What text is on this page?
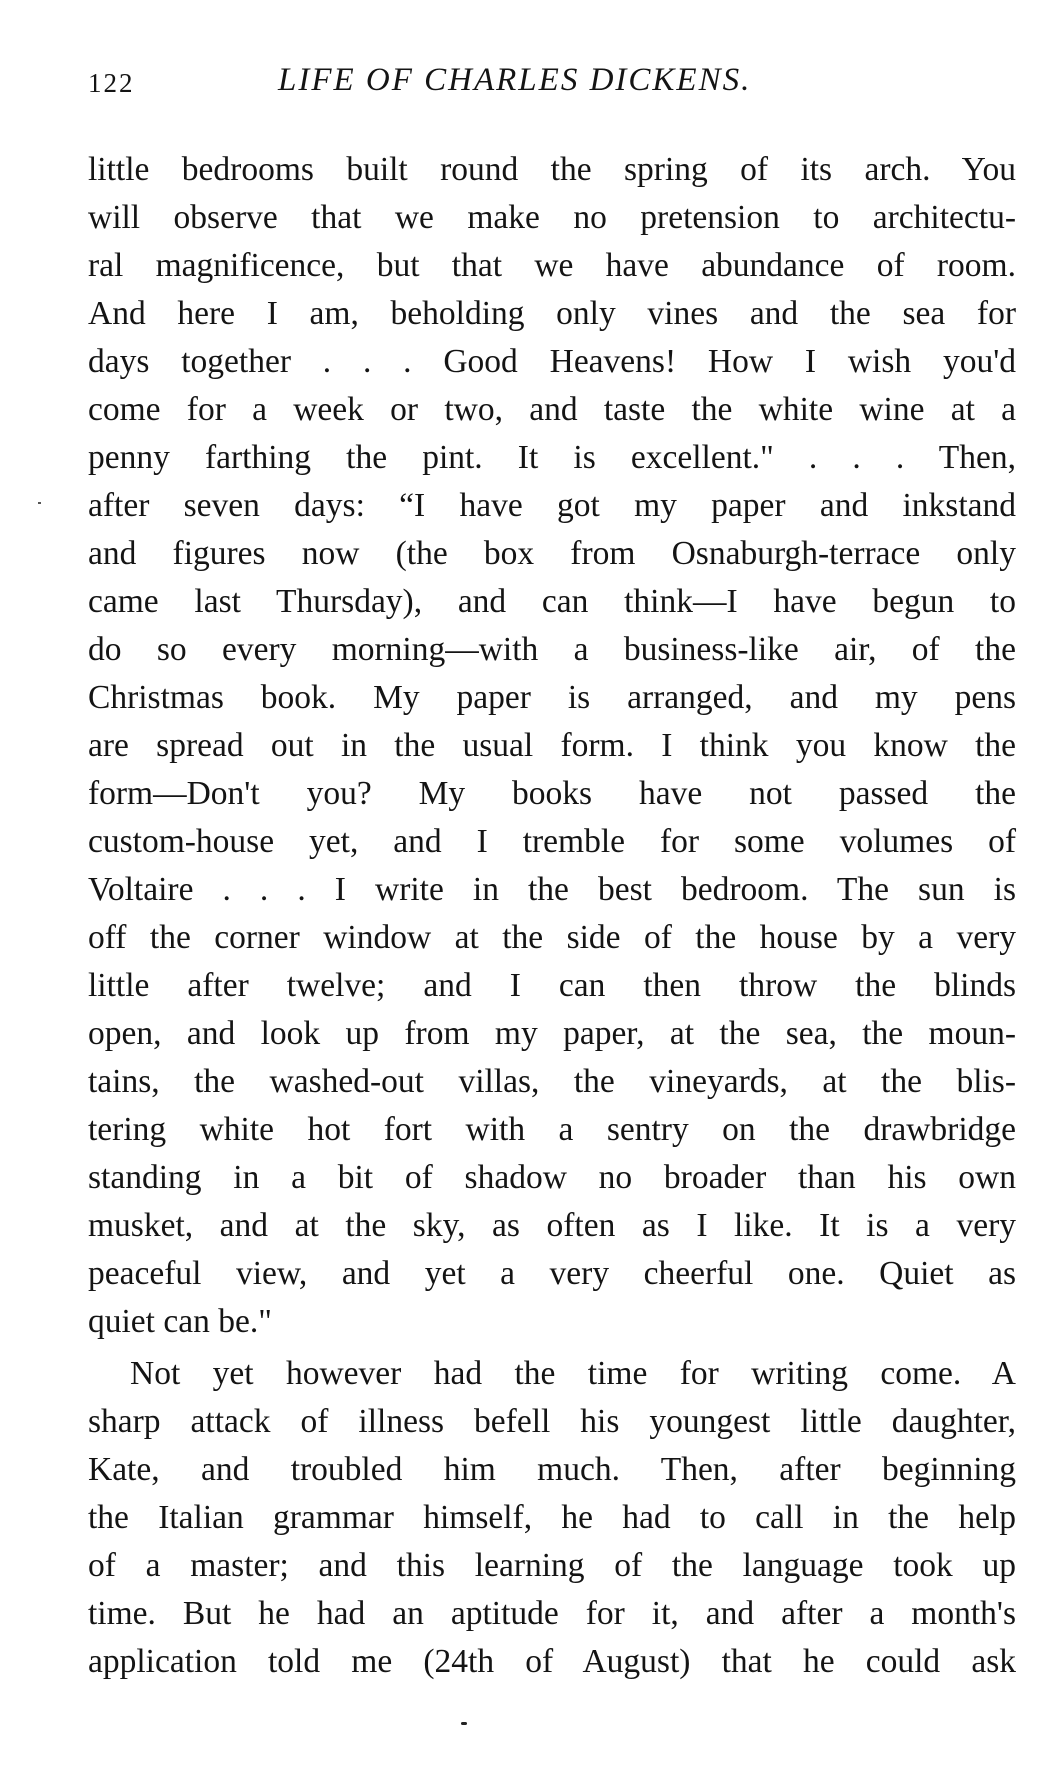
122	LIFE OF CHARLES DICKENS.
little bedrooms built round the spring of its arch. You
will observe that we make no pretension to architectu-
ral magnificence, but that we have abundance of room.
And here I am, beholding only vines and the sea for
days together . . . Good Heavens! How I wish you'd
come for a week or two, and taste the white wine at a
penny farthing the pint. It is excellent." . . . Then,
after seven days: “I have got my paper and inkstand
and figures now (the box from Osnaburgh-terrace only
came last Thursday), and can think—I have begun to
do so every morning—with a business-like air, of the
Christmas book. My paper is arranged, and my pens
are spread out in the usual form. I think you know the
form—Don't you? My books have not passed the
custom-house yet, and I tremble for some volumes of
Voltaire . . . I write in the best bedroom. The sun is
off the corner window at the side of the house by a very
little after twelve; and I can then throw the blinds
open, and look up from my paper, at the sea, the moun-
tains, the washed-out villas, the vineyards, at the blis-
tering white hot fort with a sentry on the drawbridge
standing in a bit of shadow no broader than his own
musket, and at the sky, as often as I like. It is a very
peaceful view, and yet a very cheerful one. Quiet as
quiet can be."
Not yet however had the time for writing come. A
sharp attack of illness befell his youngest little daughter,
Kate, and troubled him much. Then, after beginning
the Italian grammar himself, he had to call in the help
of a master; and this learning of the language took up
time. But he had an aptitude for it, and after a month's
application told me (24th of August) that he could ask
